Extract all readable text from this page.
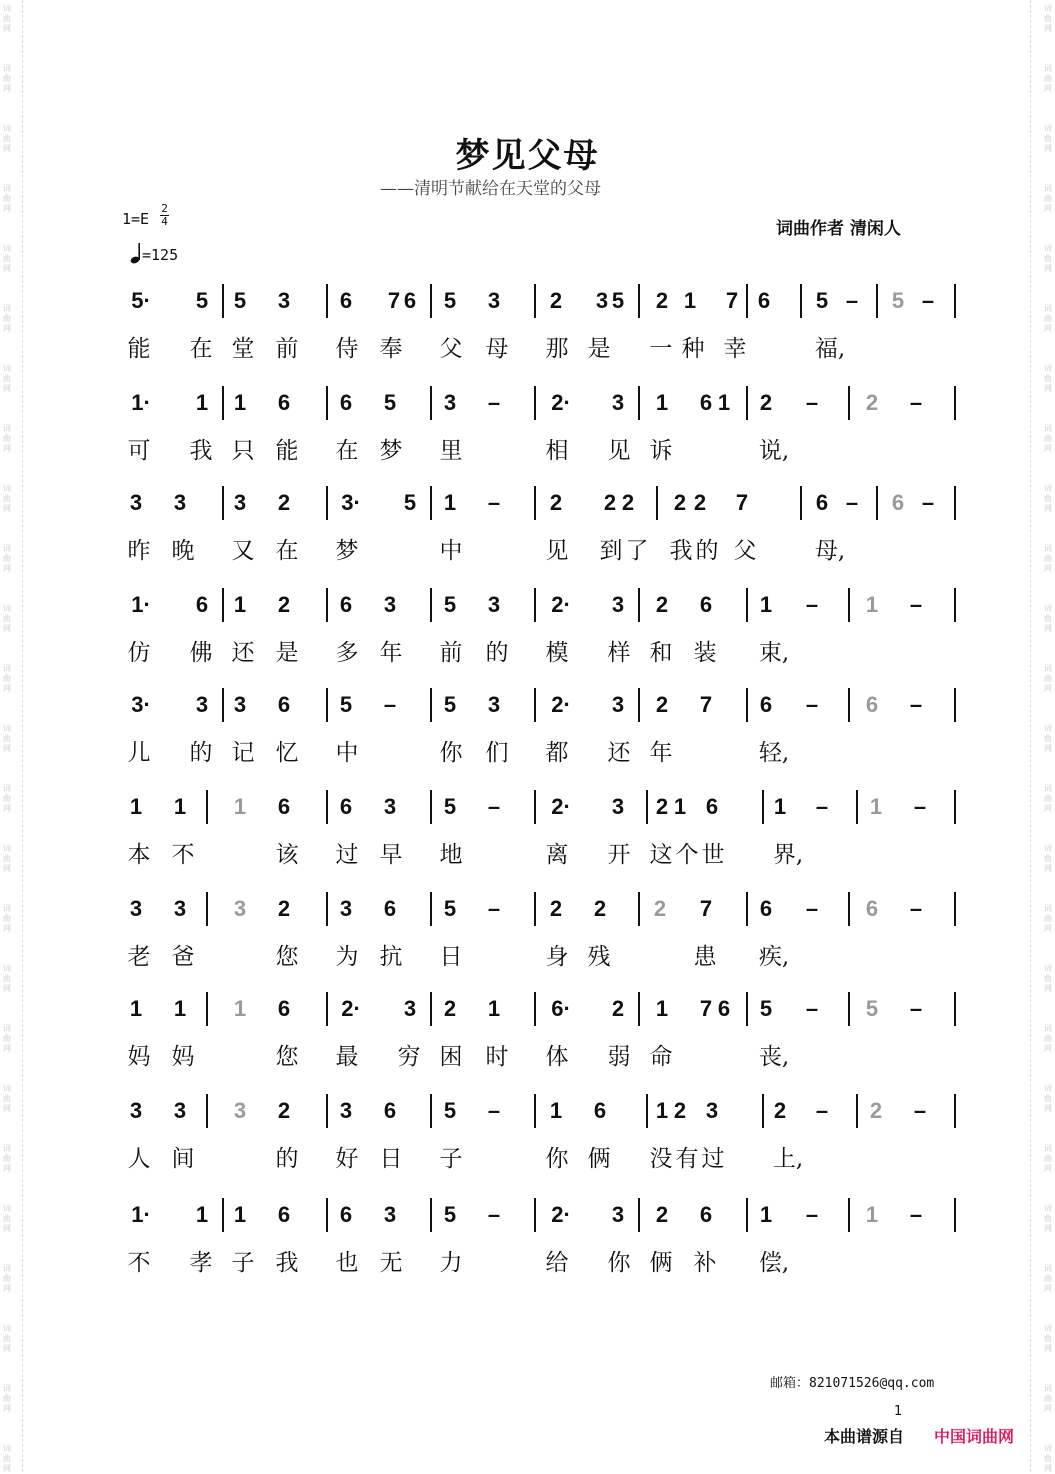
词
曲
网
词
曲
网
词
曲
网
词
曲
网
词
曲
网
词
曲
网
词
曲
网
词
曲
网
词
曲
网
词
曲
网
词
曲
网
词
曲
网
词
曲
网
词
曲
网
词
曲
网
词
曲
网
词
曲
网
词
曲
网
词
曲
网
词
曲
网
词
曲
网
词
曲
网
词
曲
网
词
曲
网
词
曲
网
词
曲
网
词
曲
网
词
曲
网
词
曲
网
词
曲
网
词
曲
网
词
曲
网
词
曲
网
词
曲
网
词
曲
网
词
曲
网
词
曲
网
词
曲
网
词
曲
网
词
曲
网
词
曲
网
词
曲
网
词
曲
网
词
曲
网
词
曲
网
词
曲
网
词
曲
网
词
曲
网
词
曲
网
词
曲
网
梦见父母
——清明节献给在天堂的父母
1=E
2
4
=125
词曲作者 清闲人
5· 5 5 3 6 7 6 5 3 2 3 5 2 1 7 6 5 – 5 –
能 在 堂 前 侍 奉 父 母 那 是 一 种 幸	福,
1· 1 1 6 6 5 3 – 2· 3 1 6 1 2 – 2 –
可 我 只 能 在 梦 里	相 见 诉	说,
3 3 3 2 3· 5 1 – 2 2 2 2 2 7	6 – 6 –
昨 晚 又 在 梦	中	见 到 了 我 的 父	母,
1· 6 1 2 6 3 5 3 2· 3 2 6 1 – 1 –
仿 佛 还 是 多 年 前 的 模 样 和 装 束,
3· 3 3 6 5 – 5 3 2· 3 2 7 6 – 6 –
儿 的 记 忆 中	你 们 都 还 年	轻,
1 1 1 6 6 3 5 – 2· 3 2 1 6	1 – 1 –
本 不	该 过 早 地	离 开 这 个 世 界,
3 3 3 2 3 6 5 – 2 2 2 7 6 – 6 –
老 爸	您 为 抗 日	身 残	患 疾,
1 1 1 6 2· 3 2 1 6· 2 1 7 6 5 – 5 –
妈 妈	您 最 穷 困 时 体 弱 命	丧,
3 3 3 2 3 6 5 – 1 6 1 2 3	2 – 2 –
人 间	的 好 日 子	你 俩 没 有 过 上,
1· 1 1 6 6 3 5 – 2· 3 2 6 1 – 1 –
不 孝 子 我 也 无 力	给 你 俩 补 偿,
邮箱：821071526@qq.com
1
本曲谱源自 中国词曲网
